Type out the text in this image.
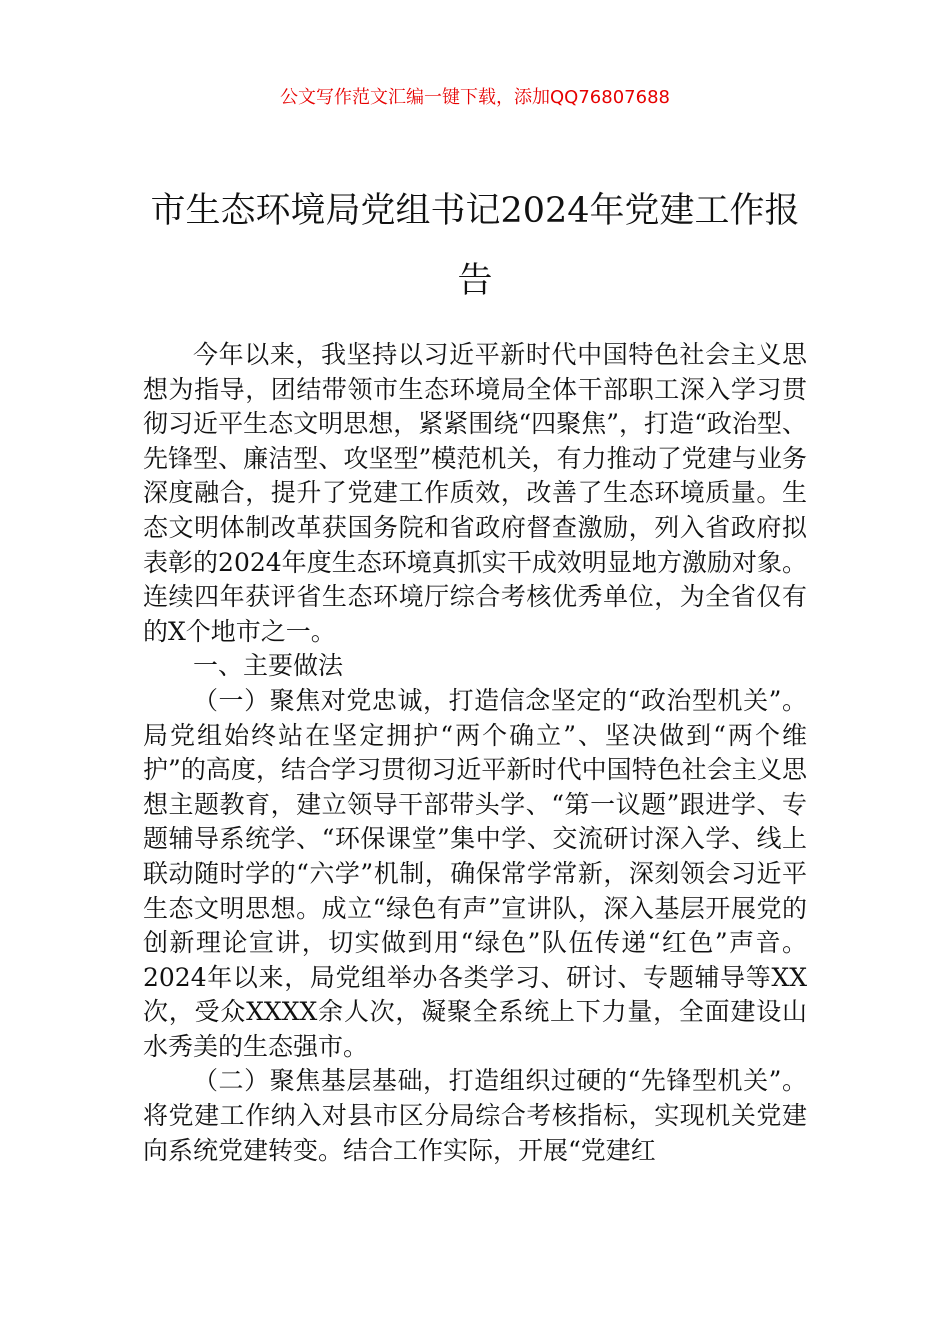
公文写作范文汇编一键下载，添加QQ76807688
市生态环境局党组书记2024年党建工作报告

今年以来，我坚持以习近平新时代中国特色社会主义思想为指导，团结带领市生态环境局全体干部职工深入学习贯彻习近平生态文明思想，紧紧围绕“四聚焦”，打造“政治型、先锋型、廉洁型、攻坚型”模范机关，有力推动了党建与业务深度融合，提升了党建工作质效，改善了生态环境质量。生态文明体制改革获国务院和省政府督查激励，列入省政府拟表彰的2024年度生态环境真抓实干成效明显地方激励对象。连续四年获评省生态环境厅综合考核优秀单位，为全省仅有的X个地市之一。

一、主要做法

（一）聚焦对党忠诚，打造信念坚定的“政治型机关”。局党组始终站在坚定拥护“两个确立”、坚决做到“两个维护”的高度，结合学习贯彻习近平新时代中国特色社会主义思想主题教育，建立领导干部带头学、“第一议题”跟进学、专题辅导系统学、“环保课堂”集中学、交流研讨深入学、线上联动随时学的“六学”机制，确保常学常新，深刻领会习近平生态文明思想。成立“绿色有声”宣讲队，深入基层开展党的创新理论宣讲，切实做到用“绿色”队伍传递“红色”声音。2024年以来，局党组举办各类学习、研讨、专题辅导等XX次，受众XXXX余人次，凝聚全系统上下力量，全面建设山水秀美的生态强市。

（二）聚焦基层基础，打造组织过硬的“先锋型机关”。将党建工作纳入对县市区分局综合考核指标，实现机关党建向系统党建转变。结合工作实际，开展“党建红
